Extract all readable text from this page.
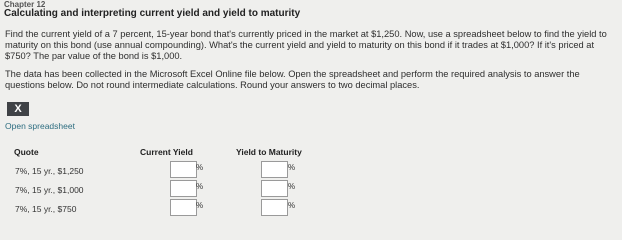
Chapter 12
Calculating and interpreting current yield and yield to maturity
Find the current yield of a 7 percent, 15-year bond that's currently priced in the market at $1,250. Now, use a spreadsheet below to find the yield to maturity on this bond (use annual compounding). What's the current yield and yield to maturity on this bond if it trades at $1,000? If it's priced at $750? The par value of the bond is $1,000.
The data has been collected in the Microsoft Excel Online file below. Open the spreadsheet and perform the required analysis to answer the questions below. Do not round intermediate calculations. Round your answers to two decimal places.
X
Open spreadsheet
Quote	Current Yield	Yield to Maturity
7%, 15 yr., $1,250	%	%
7%, 15 yr., $1,000	%	%
7%, 15 yr., $750	%	%
